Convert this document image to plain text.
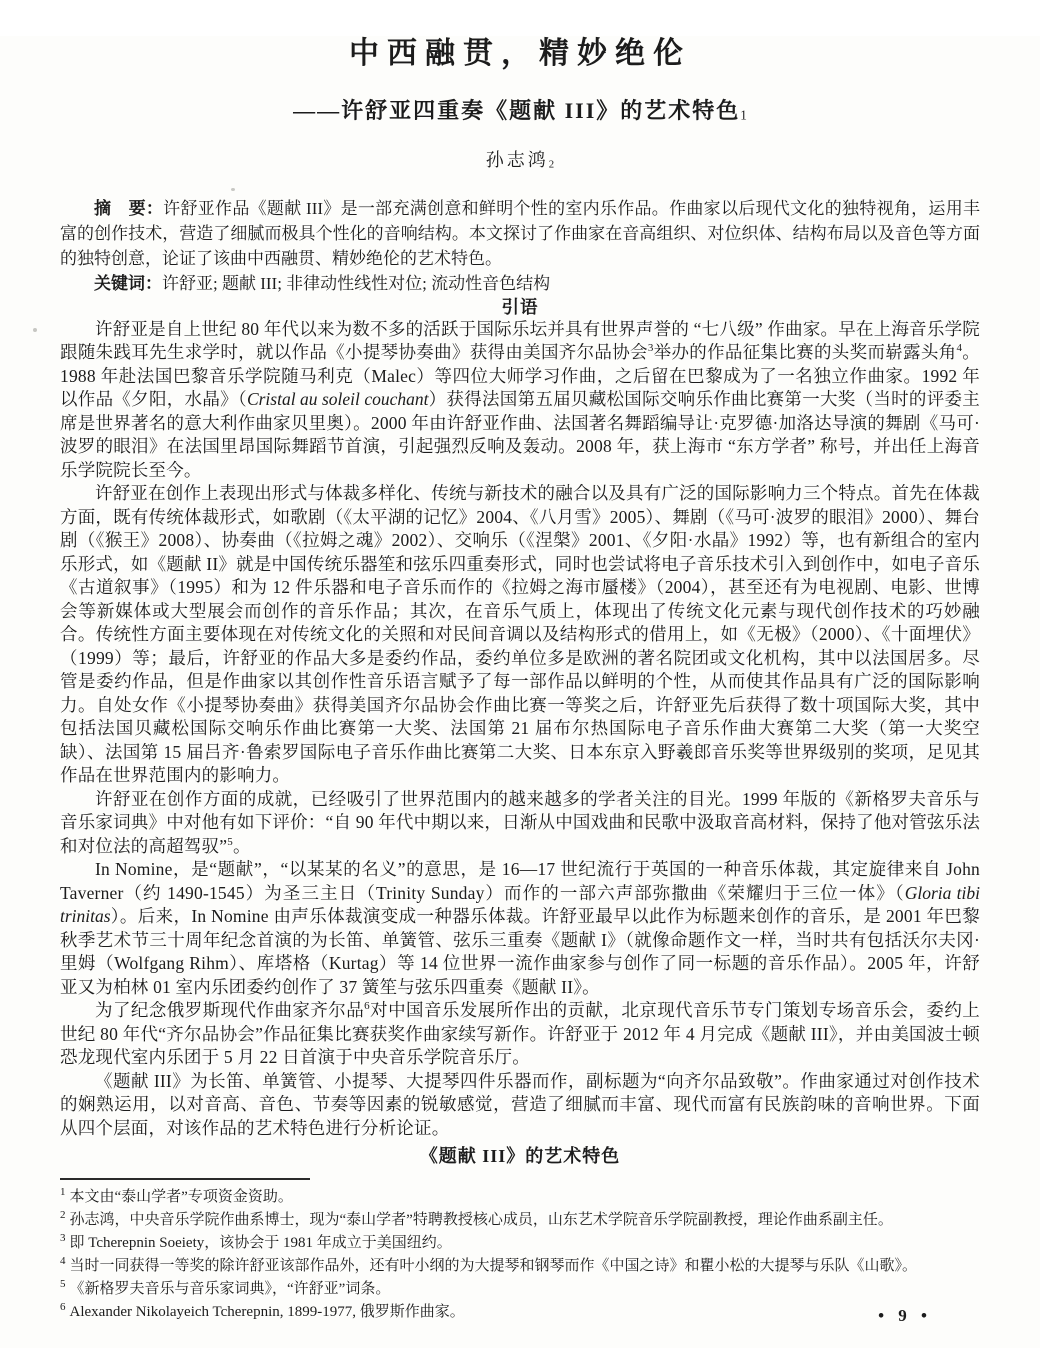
中西融贯，精妙绝伦
——许舒亚四重奏《题献 III》的艺术特色1
孙志鸿2

摘　要：许舒亚作品《题献 III》是一部充满创意和鲜明个性的室内乐作品。作曲家以后现代文化的独特视角，运用丰富的创作技术，营造了细腻而极具个性化的音响结构。本文探讨了作曲家在音高组织、对位织体、结构布局以及音色等方面的独特创意，论证了该曲中西融贯、精妙绝伦的艺术特色。

关键词：许舒亚; 题献 III; 非律动性线性对位; 流动性音色结构

引语

许舒亚是自上世纪 80 年代以来为数不多的活跃于国际乐坛并具有世界声誉的 “七八级” 作曲家。早在上海音乐学院跟随朱践耳先生求学时，就以作品《小提琴协奏曲》获得由美国齐尔品协会$^3$举办的作品征集比赛的头奖而崭露头角$^4$。1988 年赴法国巴黎音乐学院随马利克（Malec）等四位大师学习作曲，之后留在巴黎成为了一名独立作曲家。1992 年以作品《夕阳，水晶》（Cristal au soleil couchant）获得法国第五届贝藏松国际交响乐作曲比赛第一大奖（当时的评委主席是世界著名的意大利作曲家贝里奥）。2000 年由许舒亚作曲、法国著名舞蹈编导让·克罗德·加洛达导演的舞剧《马可·波罗的眼泪》在法国里昂国际舞蹈节首演，引起强烈反响及轰动。2008 年，获上海市 “东方学者” 称号，并出任上海音乐学院院长至今。

许舒亚在创作上表现出形式与体裁多样化、传统与新技术的融合以及具有广泛的国际影响力三个特点。首先在体裁方面，既有传统体裁形式，如歌剧（《太平湖的记忆》2004、《八月雪》2005）、舞剧（《马可·波罗的眼泪》2000）、舞台剧（《猴王》2008）、协奏曲（《拉姆之魂》2002）、交响乐（《涅槃》2001、《夕阳·水晶》1992）等，也有新组合的室内乐形式，如《题献 II》就是中国传统乐器笙和弦乐四重奏形式，同时也尝试将电子音乐技术引入到创作中，如电子音乐《古道叙事》（1995）和为 12 件乐器和电子音乐而作的《拉姆之海市蜃楼》（2004），甚至还有为电视剧、电影、世博会等新媒体或大型展会而创作的音乐作品；其次，在音乐气质上，体现出了传统文化元素与现代创作技术的巧妙融合。传统性方面主要体现在对传统文化的关照和对民间音调以及结构形式的借用上，如《无极》（2000）、《十面埋伏》（1999）等；最后，许舒亚的作品大多是委约作品，委约单位多是欧洲的著名院团或文化机构，其中以法国居多。尽管是委约作品，但是作曲家以其创作性音乐语言赋予了每一部作品以鲜明的个性，从而使其作品具有广泛的国际影响力。自处女作《小提琴协奏曲》获得美国齐尔品协会作曲比赛一等奖之后，许舒亚先后获得了数十项国际大奖，其中包括法国贝藏松国际交响乐作曲比赛第一大奖、法国第 21 届布尔热国际电子音乐作曲大赛第二大奖（第一大奖空缺）、法国第 15 届吕齐·鲁索罗国际电子音乐作曲比赛第二大奖、日本东京入野羲郎音乐奖等世界级别的奖项，足见其作品在世界范围内的影响力。

许舒亚在创作方面的成就，已经吸引了世界范围内的越来越多的学者关注的目光。1999 年版的《新格罗夫音乐与音乐家词典》中对他有如下评价：“自 90 年代中期以来，日渐从中国戏曲和民歌中汲取音高材料，保持了他对管弦乐法和对位法的高超驾驭”$^5$。

In Nomine，是“题献”，“以某某的名义”的意思，是 16—17 世纪流行于英国的一种音乐体裁，其定旋律来自 John Taverner（约 1490-1545）为圣三主日（Trinity Sunday）而作的一部六声部弥撒曲《荣耀归于三位一体》（Gloria tibi trinitas）。后来，In Nomine 由声乐体裁演变成一种器乐体裁。许舒亚最早以此作为标题来创作的音乐，是 2001 年巴黎秋季艺术节三十周年纪念首演的为长笛、单簧管、弦乐三重奏《题献 I》（就像命题作文一样，当时共有包括沃尔夫冈·里姆（Wolfgang Rihm）、库塔格（Kurtag）等 14 位世界一流作曲家参与创作了同一标题的音乐作品）。2005 年，许舒亚又为柏林 01 室内乐团委约创作了 37 簧笙与弦乐四重奏《题献 II》。

为了纪念俄罗斯现代作曲家齐尔品$^6$对中国音乐发展所作出的贡献，北京现代音乐节专门策划专场音乐会，委约上世纪 80 年代“齐尔品协会”作品征集比赛获奖作曲家续写新作。许舒亚于 2012 年 4 月完成《题献 III》，并由美国波士顿恐龙现代室内乐团于 5 月 22 日首演于中央音乐学院音乐厅。

《题献 III》为长笛、单簧管、小提琴、大提琴四件乐器而作，副标题为“向齐尔品致敬”。作曲家通过对创作技术的娴熟运用，以对音高、音色、节奏等因素的锐敏感觉，营造了细腻而丰富、现代而富有民族韵味的音响世界。下面从四个层面，对该作品的艺术特色进行分析论证。

《题献 III》的艺术特色
$^1$ 本文由“泰山学者”专项资金资助。
$^2$ 孙志鸿，中央音乐学院作曲系博士，现为“泰山学者”特聘教授核心成员，山东艺术学院音乐学院副教授，理论作曲系副主任。
$^3$ 即 Tcherepnin Soeiety，该协会于 1981 年成立于美国纽约。
$^4$ 当时一同获得一等奖的除许舒亚该部作品外，还有叶小纲的为大提琴和钢琴而作《中国之诗》和瞿小松的大提琴与乐队《山歌》。
$^5$ 《新格罗夫音乐与音乐家词典》，“许舒亚”词条。
$^6$ Alexander Nikolayeich Tcherepnin, 1899-1977, 俄罗斯作曲家。	• 9 •
